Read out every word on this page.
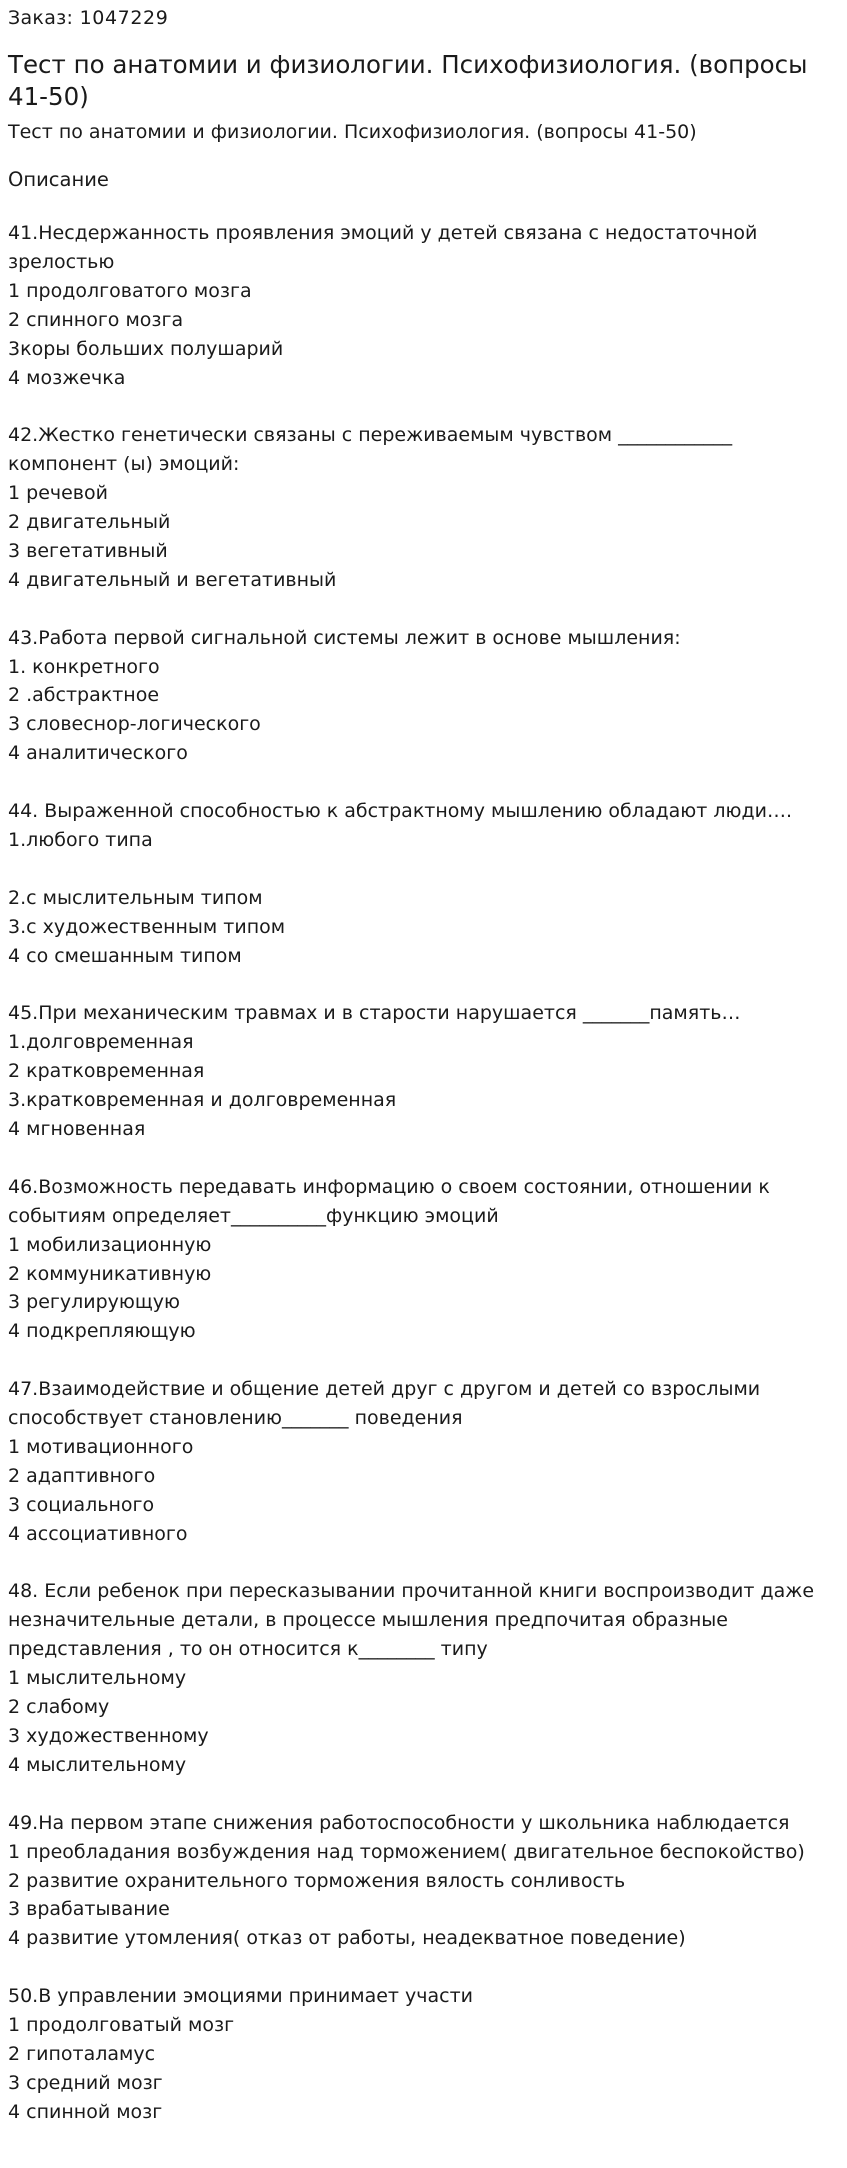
Заказ: 1047229
Тест по анатомии и физиологии. Психофизиология. (вопросы 41-50)
Тест по анатомии и физиологии. Психофизиология. (вопросы 41-50)
Описание
41.Несдержанность проявления эмоций у детей связана с недостаточной
зрелостью
1 продолговатого мозга
2 спинного мозга
3коры больших полушарий
4 мозжечка
42.Жестко генетически связаны с переживаемым чувством ____________
компонент (ы) эмоций:
1 речевой
2 двигательный
3 вегетативный
4 двигательный и вегетативный
43.Работа первой сигнальной системы лежит в основе мышления:
1. конкретного
2 .абстрактное
3 словеснор-логического
4 аналитического
44. Выраженной способностью к абстрактному мышлению обладают люди….
1.любого типа
2.с мыслительным типом
3.с художественным типом
4 со смешанным типом
45.При механическим травмах и в старости нарушается _______память…
1.долговременная
2 кратковременная
3.кратковременная и долговременная
4 мгновенная
46.Возможность передавать информацию о своем состоянии, отношении к
событиям определяет__________функцию эмоций
1 мобилизационную
2 коммуникативную
3 регулирующую
4 подкрепляющую
47.Взаимодействие и общение детей друг с другом и детей со взрослыми
способствует становлению_______ поведения
1 мотивационного
2 адаптивного
3 социального
4 ассоциативного
48. Если ребенок при пересказывании прочитанной книги воспроизводит даже
незначительные детали, в процессе мышления предпочитая образные
представления , то он относится к________ типу
1 мыслительному
2 слабому
3 художественному
4 мыслительному
49.На первом этапе снижения работоспособности у школьника наблюдается
1 преобладания возбуждения над торможением( двигательное беспокойство)
2 развитие охранительного торможения вялость сонливость
3 врабатывание
4 развитие утомления( отказ от работы, неадекватное поведение)
50.В управлении эмоциями принимает участи
1 продолговатый мозг
2 гипоталамус
3 средний мозг
4 спинной мозг
